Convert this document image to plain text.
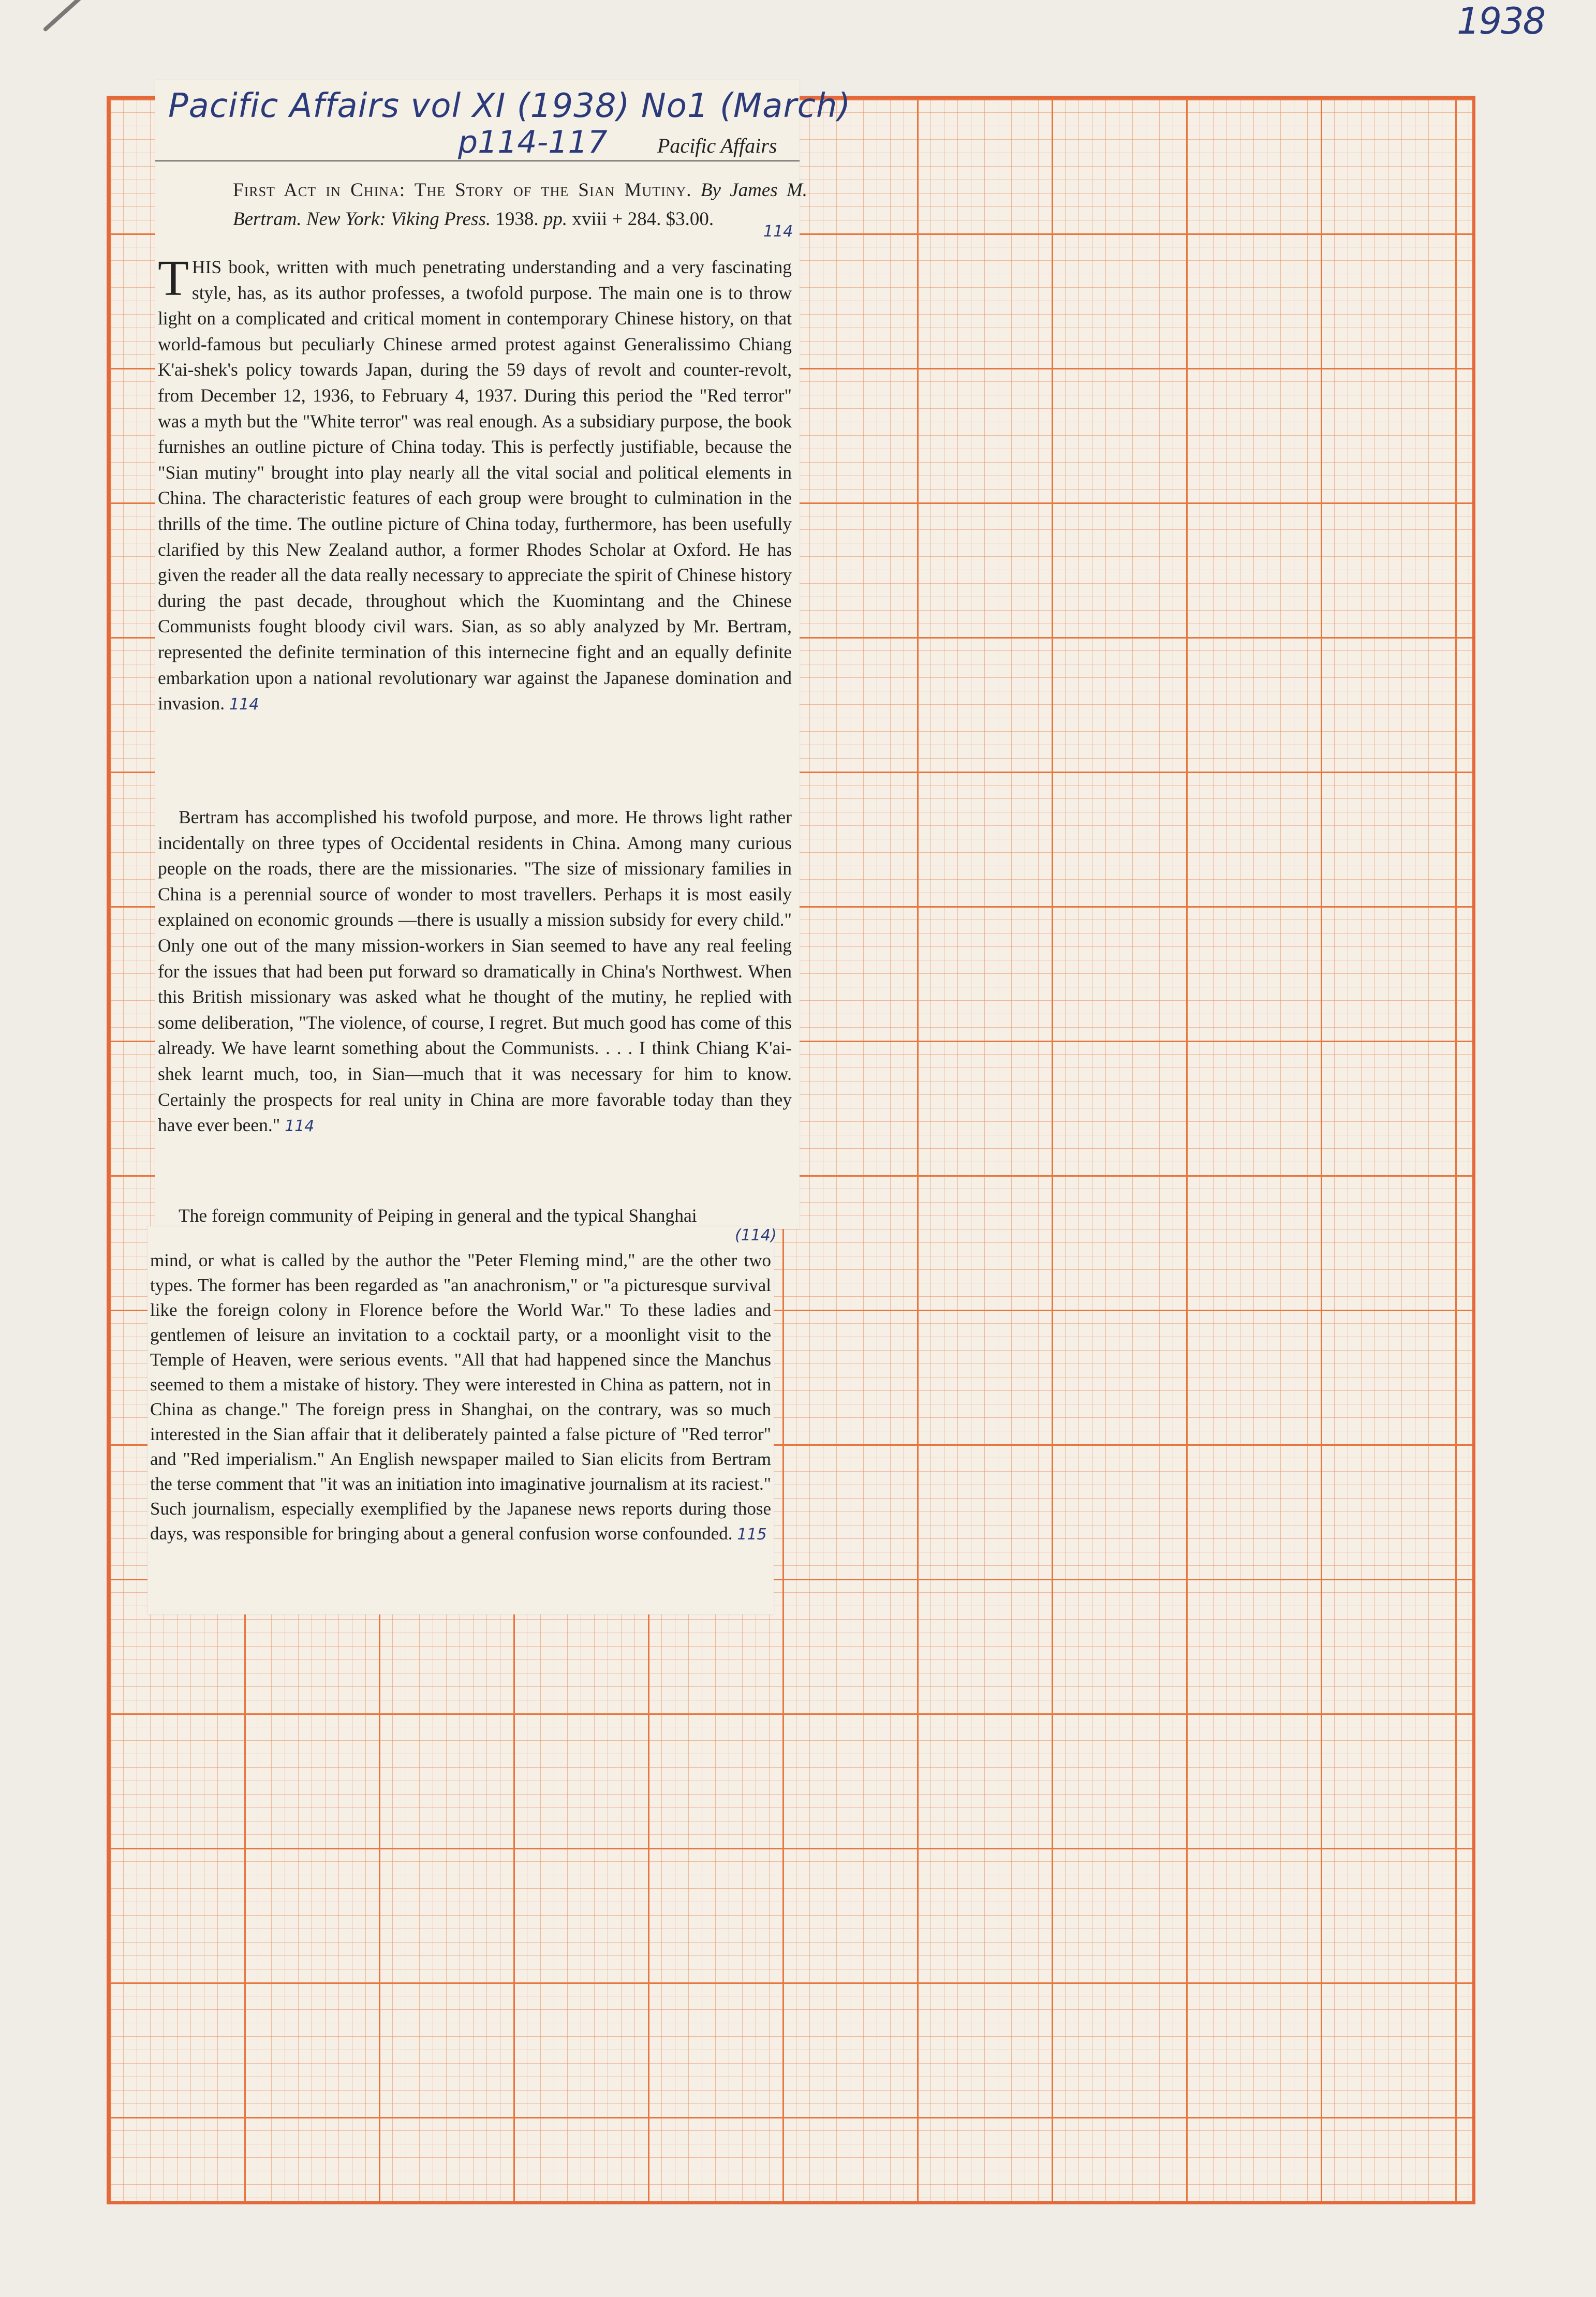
1938
Pacific Affairs vol XI (1938) No1 (March)
p114-117 Pacific Affairs
First Act in China: The Story of the Sian Mutiny. By James M. Bertram. New York: Viking Press. 1938. pp. xviii + 284. $3.00.
114
THIS book, written with much penetrating understanding and a very fascinating style, has, as its author professes, a twofold purpose. The main one is to throw light on a complicated and critical moment in contemporary Chinese history, on that world-famous but peculiarly Chinese armed protest against Generalissimo Chiang K'ai-shek's policy towards Japan, during the 59 days of revolt and counter-revolt, from December 12, 1936, to February 4, 1937. During this period the "Red terror" was a myth but the "White terror" was real enough. As a subsidiary purpose, the book furnishes an outline picture of China today. This is perfectly justifiable, because the "Sian mutiny" brought into play nearly all the vital social and political elements in China. The characteristic features of each group were brought to culmination in the thrills of the time. The outline picture of China today, furthermore, has been usefully clarified by this New Zealand author, a former Rhodes Scholar at Oxford. He has given the reader all the data really necessary to appreciate the spirit of Chinese history during the past decade, throughout which the Kuomintang and the Chinese Communists fought bloody civil wars. Sian, as so ably analyzed by Mr. Bertram, represented the definite termination of this internecine fight and an equally definite embarkation upon a national revolutionary war against the Japanese domination and invasion. 114
Bertram has accomplished his twofold purpose, and more. He throws light rather incidentally on three types of Occidental residents in China. Among many curious people on the roads, there are the missionaries. "The size of missionary families in China is a perennial source of wonder to most travellers. Perhaps it is most easily explained on economic grounds —there is usually a mission subsidy for every child." Only one out of the many mission-workers in Sian seemed to have any real feeling for the issues that had been put forward so dramatically in China's Northwest. When this British missionary was asked what he thought of the mutiny, he replied with some deliberation, "The violence, of course, I regret. But much good has come of this already. We have learnt something about the Communists. . . . I think Chiang K'ai-shek learnt much, too, in Sian—much that it was necessary for him to know. Certainly the prospects for real unity in China are more favorable today than they have ever been." 114
The foreign community of Peiping in general and the typical Shanghai
(114)
mind, or what is called by the author the "Peter Fleming mind," are the other two types. The former has been regarded as "an anachronism," or "a picturesque survival like the foreign colony in Florence before the World War." To these ladies and gentlemen of leisure an invitation to a cocktail party, or a moonlight visit to the Temple of Heaven, were serious events. "All that had happened since the Manchus seemed to them a mistake of history. They were interested in China as pattern, not in China as change." The foreign press in Shanghai, on the contrary, was so much interested in the Sian affair that it deliberately painted a false picture of "Red terror" and "Red imperialism." An English newspaper mailed to Sian elicits from Bertram the terse comment that "it was an initiation into imaginative journalism at its raciest." Such journalism, especially exemplified by the Japanese news reports during those days, was responsible for bringing about a general confusion worse confounded. 115
